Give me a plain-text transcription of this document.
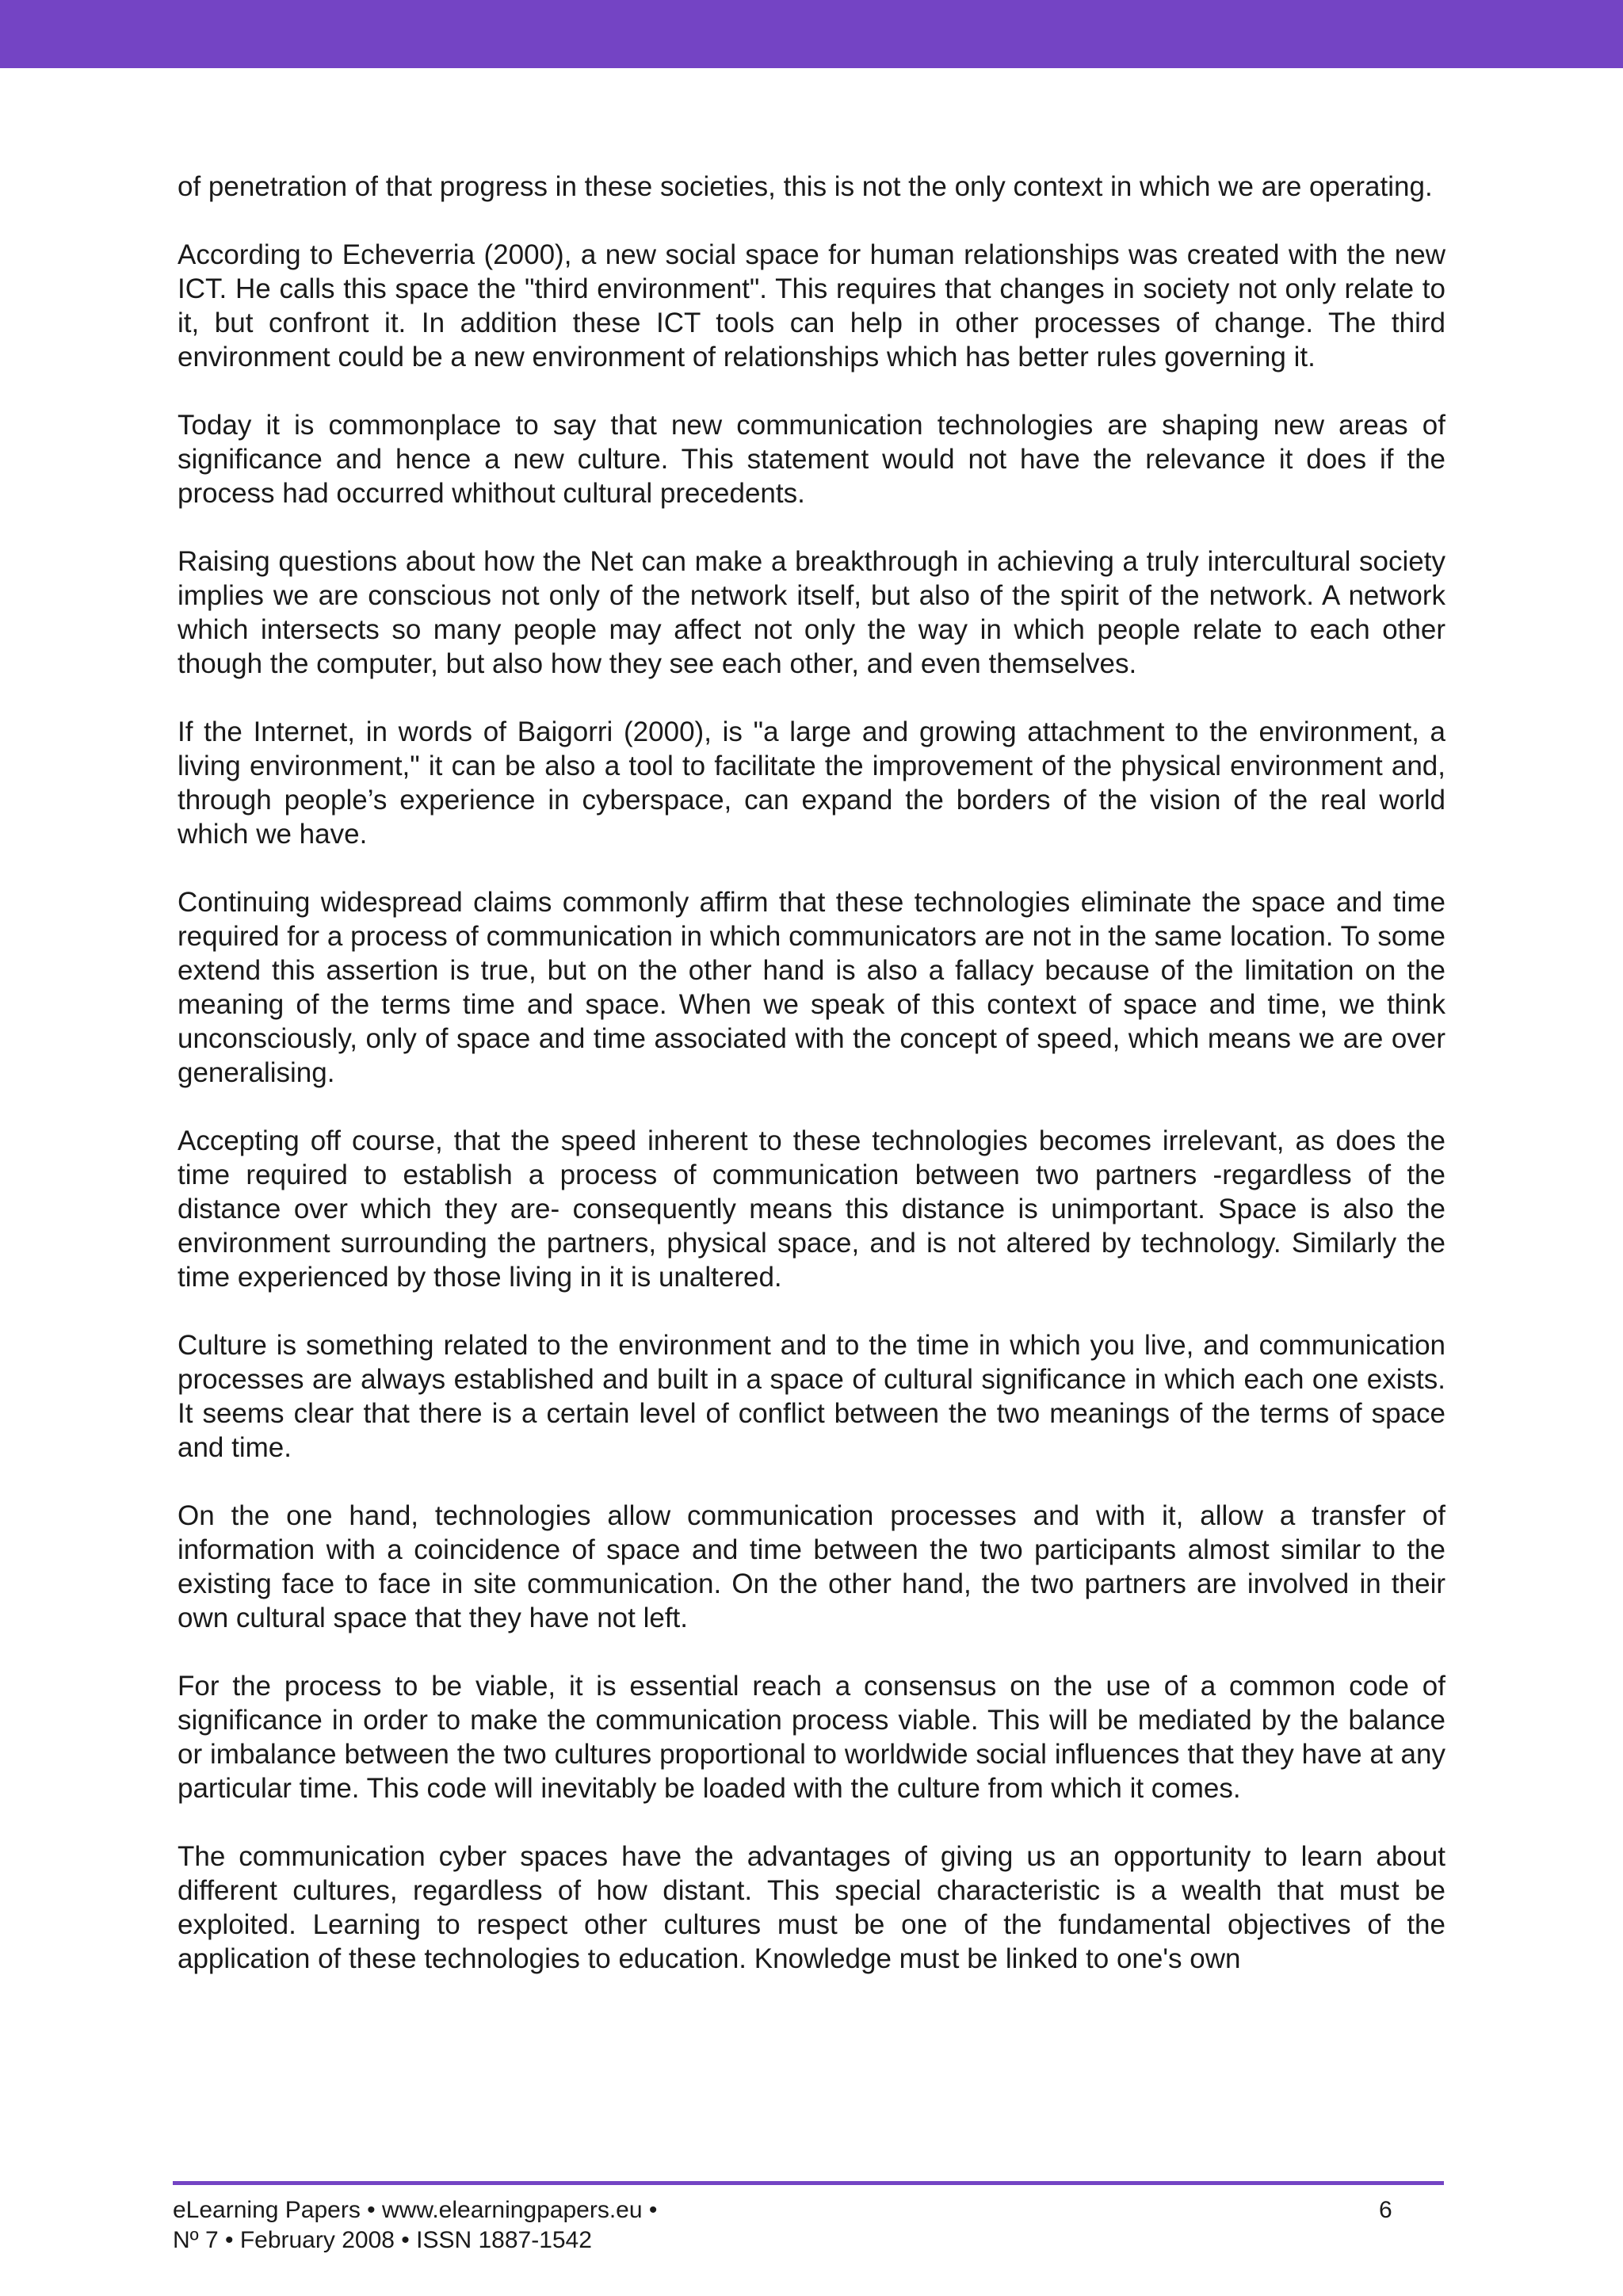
of penetration of that progress in these societies, this is not the only context in which we are operating.

According to Echeverria (2000), a new social space for human relationships was created with the new ICT. He calls this space the "third environment". This requires that changes in society not only relate to it, but confront it. In addition these ICT tools can help in other processes of change. The third environment could be a new environment of relationships which has better rules governing it.

Today it is commonplace to say that new communication technologies are shaping new areas of significance and hence a new culture. This statement would not have the relevance it does if the process had occurred whithout cultural precedents.

Raising questions about how the Net can make a breakthrough in achieving a truly intercultural society implies we are conscious not only of the network itself, but also of the spirit of the network. A network which intersects so many people may affect not only the way in which people relate to each other though the computer, but also how they see each other, and even themselves.

If the Internet, in words of Baigorri (2000), is "a large and growing attachment to the environment, a living environment," it can be also a tool to facilitate the improvement of the physical environment and, through people’s experience in cyberspace, can expand the borders of the vision of the real world which we have.

Continuing widespread claims commonly affirm that these technologies eliminate the space and time required for a process of communication in which communicators are not in the same location. To some extend this assertion is true, but on the other hand is also a fallacy because of the limitation on the meaning of the terms time and space. When we speak of this context of space and time, we think unconsciously, only of space and time associated with the concept of speed, which means we are over generalising.

Accepting off course, that the speed inherent to these technologies becomes irrelevant, as does the time required to establish a process of communication between two partners -regardless of the distance over which they are- consequently means this distance is unimportant. Space is also the environment surrounding the partners, physical space, and is not altered by technology. Similarly the time experienced by those living in it is unaltered.

Culture is something related to the environment and to the time in which you live, and communication processes are always established and built in a space of cultural significance in which each one exists. It seems clear that there is a certain level of conflict between the two meanings of the terms of space and time.

On the one hand, technologies allow communication processes and with it, allow a transfer of information with a coincidence of space and time between the two participants almost similar to the existing face to face in site communication. On the other hand, the two partners are involved in their own cultural space that they have not left.

For the process to be viable, it is essential reach a consensus on the use of a common code of significance in order to make the communication process viable. This will be mediated by the balance or imbalance between the two cultures proportional to worldwide social influences that they have at any particular time. This code will inevitably be loaded with the culture from which it comes.

The communication cyber spaces have the advantages of giving us an opportunity to learn about different cultures, regardless of how distant. This special characteristic is a wealth that must be exploited. Learning to respect other cultures must be one of the fundamental objectives of the application of these technologies to education. Knowledge must be linked to one's own

eLearning Papers • www.elearningpapers.eu •
Nº 7 • February 2008 • ISSN 1887-1542
6
